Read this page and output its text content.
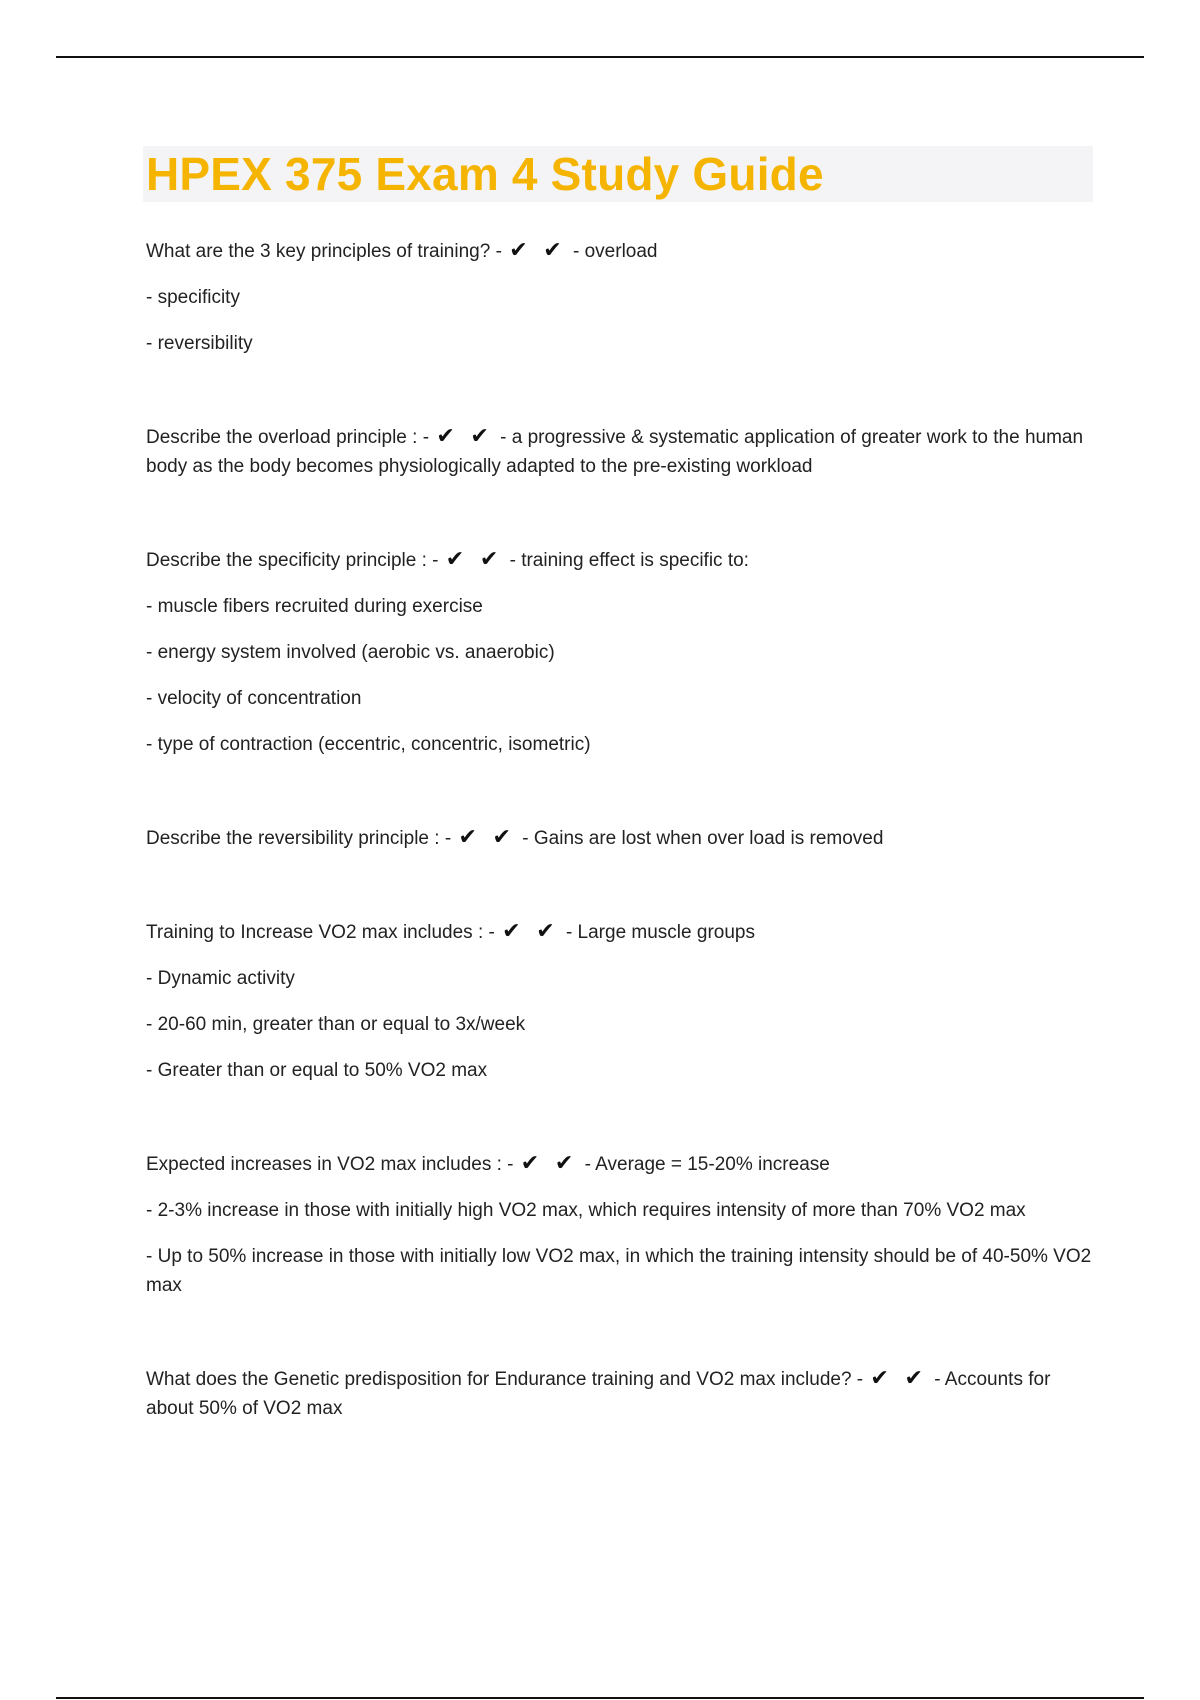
HPEX 375 Exam 4 Study Guide

What are the 3 key principles of training? - ✔ ✔ - overload

- specificity

- reversibility

Describe the overload principle : - ✔ ✔ - a progressive & systematic application of greater work to the human body as the body becomes physiologically adapted to the pre-existing workload

Describe the specificity principle : - ✔ ✔ - training effect is specific to:

- muscle fibers recruited during exercise

- energy system involved (aerobic vs. anaerobic)

- velocity of concentration

- type of contraction (eccentric, concentric, isometric)

Describe the reversibility principle : - ✔ ✔ - Gains are lost when over load is removed

Training to Increase VO2 max includes : - ✔ ✔ - Large muscle groups

- Dynamic activity

- 20-60 min, greater than or equal to 3x/week

- Greater than or equal to 50% VO2 max

Expected increases in VO2 max includes : - ✔ ✔ - Average = 15-20% increase

- 2-3% increase in those with initially high VO2 max, which requires intensity of more than 70% VO2 max

- Up to 50% increase in those with initially low VO2 max, in which the training intensity should be of 40-50% VO2 max

What does the Genetic predisposition for Endurance training and VO2 max include? - ✔ ✔ - Accounts for about 50% of VO2 max
